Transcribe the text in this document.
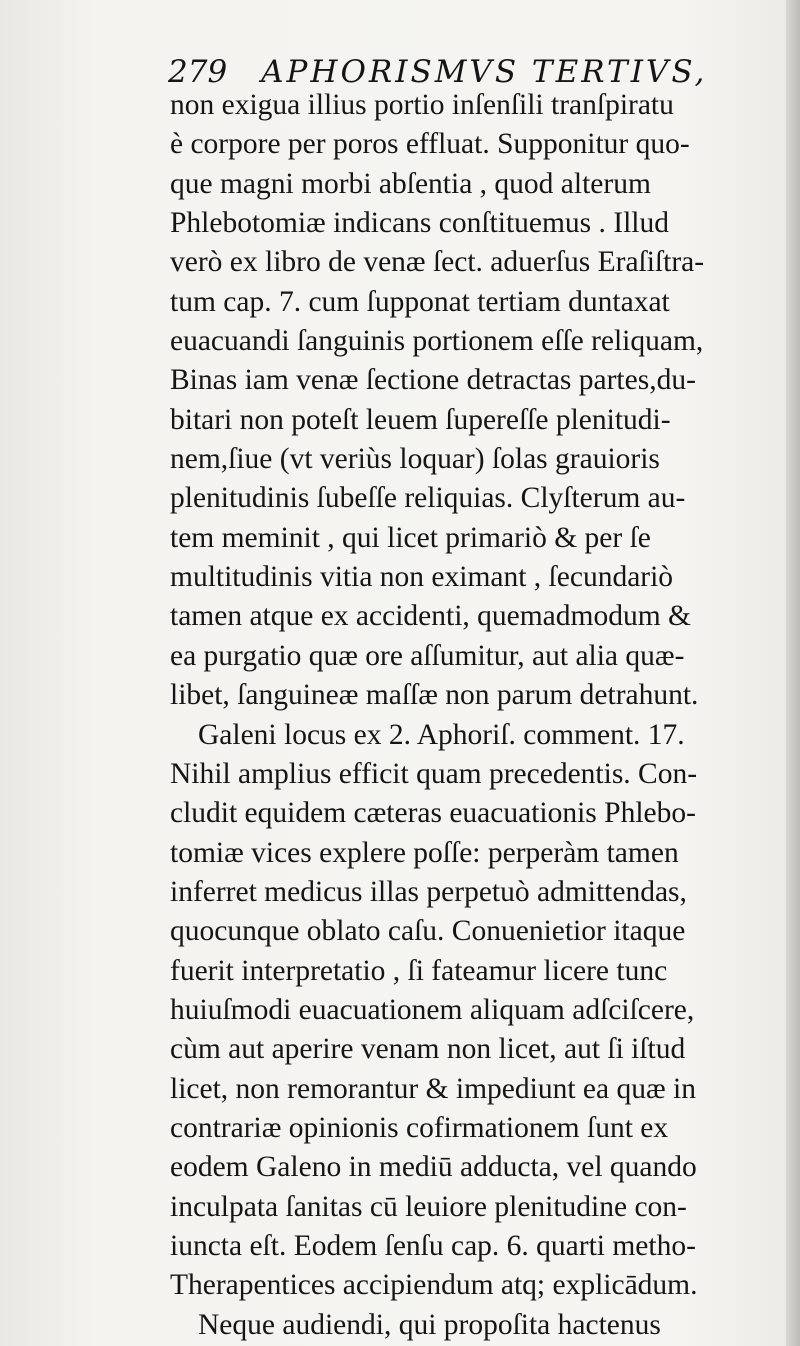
279 APHORISMVS TERTIVS,
non exigua illius portio inſenſili tranſpiratu
è corpore per poros effluat. Supponitur quo-
que magni morbi abſentia , quod alterum
Phlebotomiæ indicans conſtituemus . Illud
verò ex libro de venæ ſect. aduerſus Eraſiſtra-
tum cap. 7. cum ſupponat tertiam duntaxat
euacuandi ſanguinis portionem eſſe reliquam,
Binas iam venæ ſectione detractas partes,du-
bitari non poteſt leuem ſupereſſe plenitudi-
nem,ſiue (vt veriùs loquar) ſolas grauioris
plenitudinis ſubeſſe reliquias. Clyſterum au-
tem meminit , qui licet primariò & per ſe
multitudinis vitia non eximant , ſecundariò
tamen atque ex accidenti, quemadmodum &
ea purgatio quæ ore aſſumitur, aut alia quæ-
libet, ſanguineæ maſſæ non parum detrahunt.
Galeni locus ex 2. Aphoriſ. comment. 17.
Nihil amplius efficit quam precedentis. Con-
cludit equidem cæteras euacuationis Phlebo-
tomiæ vices explere poſſe: perperàm tamen
inferret medicus illas perpetuò admittendas,
quocunque oblato caſu. Conuenietior itaque
fuerit interpretatio , ſi fateamur licere tunc
huiuſmodi euacuationem aliquam adſciſcere,
cùm aut aperire venam non licet, aut ſi iſtud
licet, non remorantur & impediunt ea quæ in
contrariæ opinionis cofirmationem ſunt ex
eodem Galeno in mediū adducta, vel quando
inculpata ſanitas cū leuiore plenitudine con-
iuncta eſt. Eodem ſenſu cap. 6. quarti metho-
Therapentices accipiendum atq; explicādum.
Neque audiendi, qui propoſita hactenus
